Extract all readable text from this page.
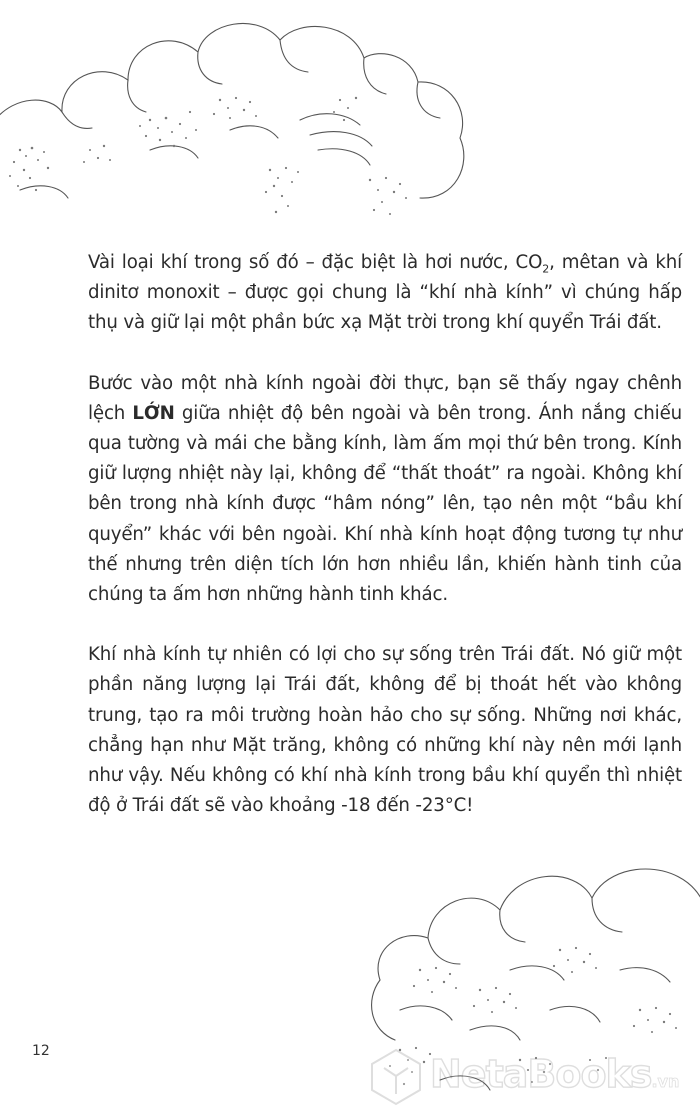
Vài loại khí trong số đó – đặc biệt là hơi nước, $CO_2$, mêtan và khí dinitơ monoxit – được gọi chung là “khí nhà kính” vì chúng hấp thụ và giữ lại một phần bức xạ Mặt trời trong khí quyển Trái đất.

Bước vào một nhà kính ngoài đời thực, bạn sẽ thấy ngay chênh lệch LỚN giữa nhiệt độ bên ngoài và bên trong. Ánh nắng chiếu qua tường và mái che bằng kính, làm ấm mọi thứ bên trong. Kính giữ lượng nhiệt này lại, không để “thất thoát” ra ngoài. Không khí bên trong nhà kính được “hâm nóng” lên, tạo nên một “bầu khí quyển” khác với bên ngoài. Khí nhà kính hoạt động tương tự như thế nhưng trên diện tích lớn hơn nhiều lần, khiến hành tinh của chúng ta ấm hơn những hành tinh khác.

Khí nhà kính tự nhiên có lợi cho sự sống trên Trái đất. Nó giữ một phần năng lượng lại Trái đất, không để bị thoát hết vào không trung, tạo ra môi trường hoàn hảo cho sự sống. Những nơi khác, chẳng hạn như Mặt trăng, không có những khí này nên mới lạnh như vậy. Nếu không có khí nhà kính trong bầu khí quyển thì nhiệt độ ở Trái đất sẽ vào khoảng -18 đến -23°C!

12
NetaBooks.vn
